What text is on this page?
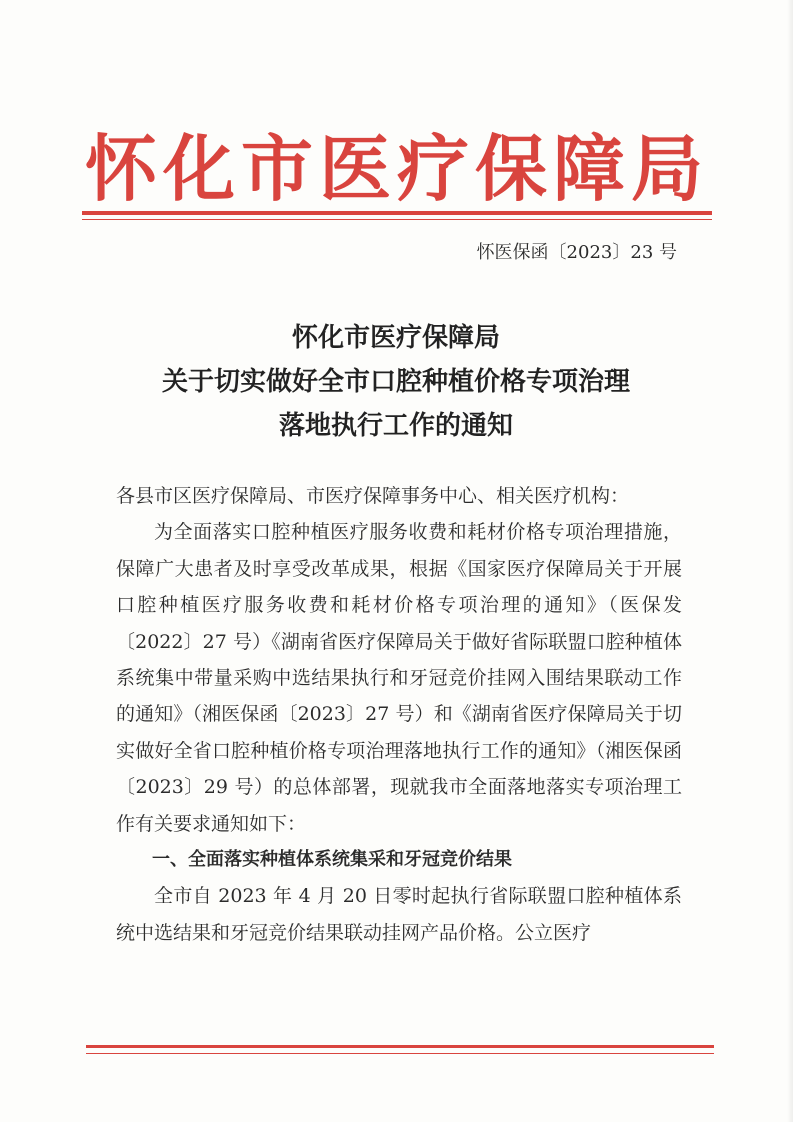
怀化市医疗保障局
怀医保函〔2023〕23 号
怀化市医疗保障局
关于切实做好全市口腔种植价格专项治理
落地执行工作的通知

各县市区医疗保障局、市医疗保障事务中心、相关医疗机构：

为全面落实口腔种植医疗服务收费和耗材价格专项治理措施，保障广大患者及时享受改革成果，根据《国家医疗保障局关于开展口腔种植医疗服务收费和耗材价格专项治理的通知》（医保发〔2022〕27 号）《湖南省医疗保障局关于做好省际联盟口腔种植体系统集中带量采购中选结果执行和牙冠竞价挂网入围结果联动工作的通知》（湘医保函〔2023〕27 号）和《湖南省医疗保障局关于切实做好全省口腔种植价格专项治理落地执行工作的通知》（湘医保函〔2023〕29 号）的总体部署，现就我市全面落地落实专项治理工作有关要求通知如下：

一、全面落实种植体系统集采和牙冠竞价结果

全市自 2023 年 4 月 20 日零时起执行省际联盟口腔种植体系统中选结果和牙冠竞价结果联动挂网产品价格。公立医疗
